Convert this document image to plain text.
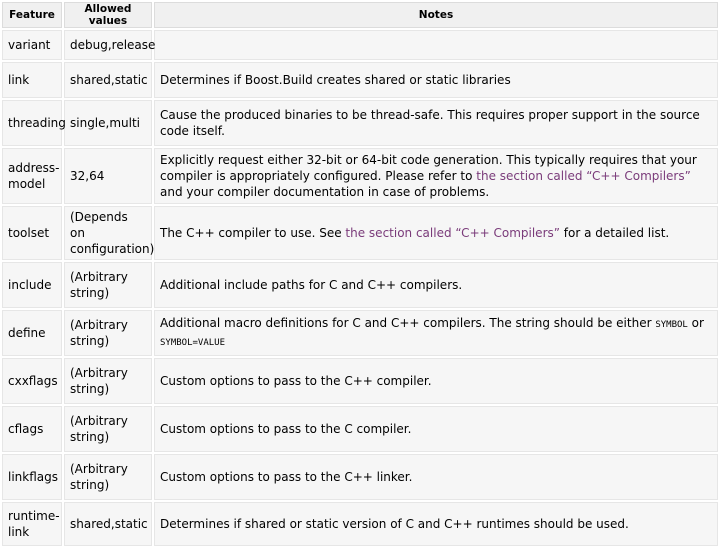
Feature	Allowed values	Notes
variant	debug,release	
link	shared,static	Determines if Boost.Build creates shared or static libraries
threading	single,multi	Cause the produced binaries to be thread-safe. This requires proper support in the source code itself.
address-model	32,64	Explicitly request either 32-bit or 64-bit code generation. This typically requires that your compiler is appropriately configured. Please refer to the section called “C++ Compilers” and your compiler documentation in case of problems.
toolset	(Depends on configuration)	The C++ compiler to use. See the section called “C++ Compilers” for a detailed list.
include	(Arbitrary string)	Additional include paths for C and C++ compilers.
define	(Arbitrary string)	Additional macro definitions for C and C++ compilers. The string should be either SYMBOL or
SYMBOL=VALUE
cxxflags	(Arbitrary string)	Custom options to pass to the C++ compiler.
cflags	(Arbitrary string)	Custom options to pass to the C compiler.
linkflags	(Arbitrary string)	Custom options to pass to the C++ linker.
runtime-link	shared,static	Determines if shared or static version of C and C++ runtimes should be used.
